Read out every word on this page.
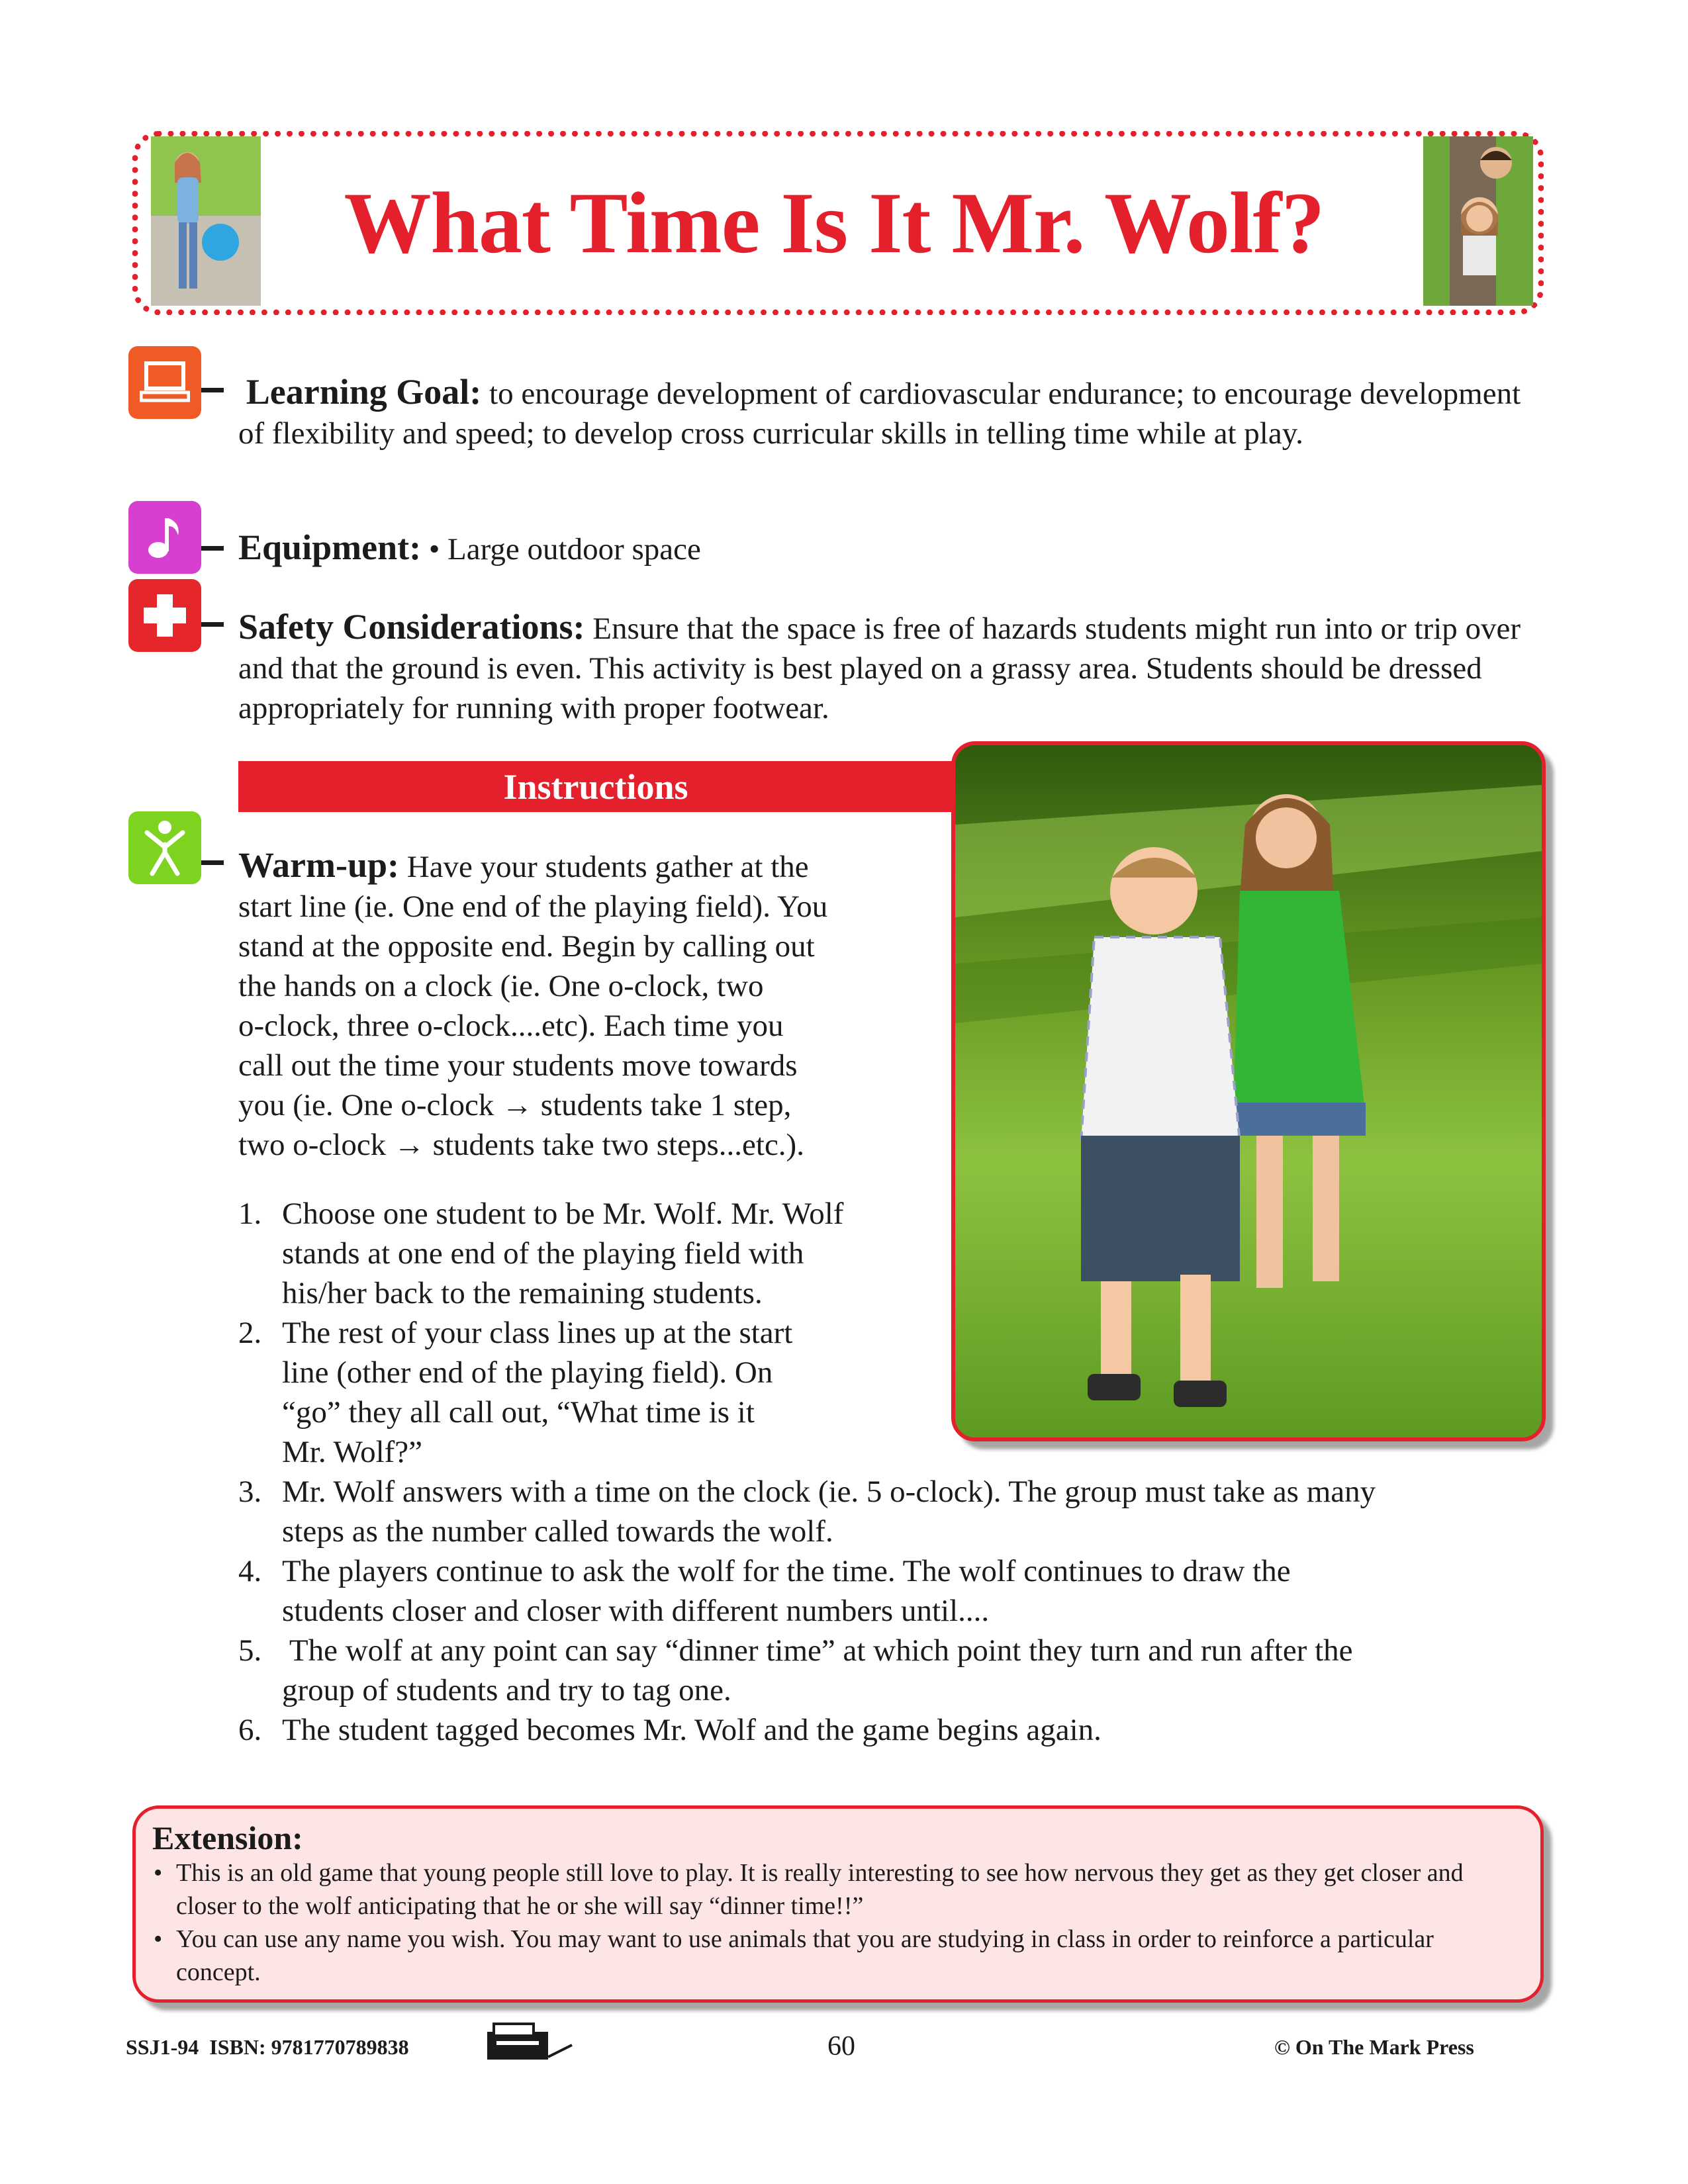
What Time Is It Mr. Wolf?
Learning Goal: to encourage development of cardiovascular endurance; to encourage development of flexibility and speed; to develop cross curricular skills in telling time while at play.
Equipment: • Large outdoor space
Safety Considerations: Ensure that the space is free of hazards students might run into or trip over and that the ground is even. This activity is best played on a grassy area. Students should be dressed appropriately for running with proper footwear.
Instructions
Warm-up: Have your students gather at the
start line (ie. One end of the playing field). You
stand at the opposite end. Begin by calling out
the hands on a clock (ie. One o-clock, two
o-clock, three o-clock....etc). Each time you
call out the time your students move towards
you (ie. One o-clock → students take 1 step,
two o-clock → students take two steps...etc.).
1. Choose one student to be Mr. Wolf. Mr. Wolf
stands at one end of the playing field with
his/her back to the remaining students.
2. The rest of your class lines up at the start
line (other end of the playing field). On
“go” they all call out, “What time is it
Mr. Wolf?”
3. Mr. Wolf answers with a time on the clock (ie. 5 o-clock). The group must take as many
steps as the number called towards the wolf.
4. The players continue to ask the wolf for the time. The wolf continues to draw the
students closer and closer with different numbers until....
5. The wolf at any point can say “dinner time” at which point they turn and run after the
group of students and try to tag one.
6. The student tagged becomes Mr. Wolf and the game begins again.
Extension:
• This is an old game that young people still love to play. It is really interesting to see how nervous they get as they get closer and closer to the wolf anticipating that he or she will say “dinner time!!”
• You can use any name you wish. You may want to use animals that you are studying in class in order to reinforce a particular concept.
SSJ1-94  ISBN: 9781770789838	60	© On The Mark Press
